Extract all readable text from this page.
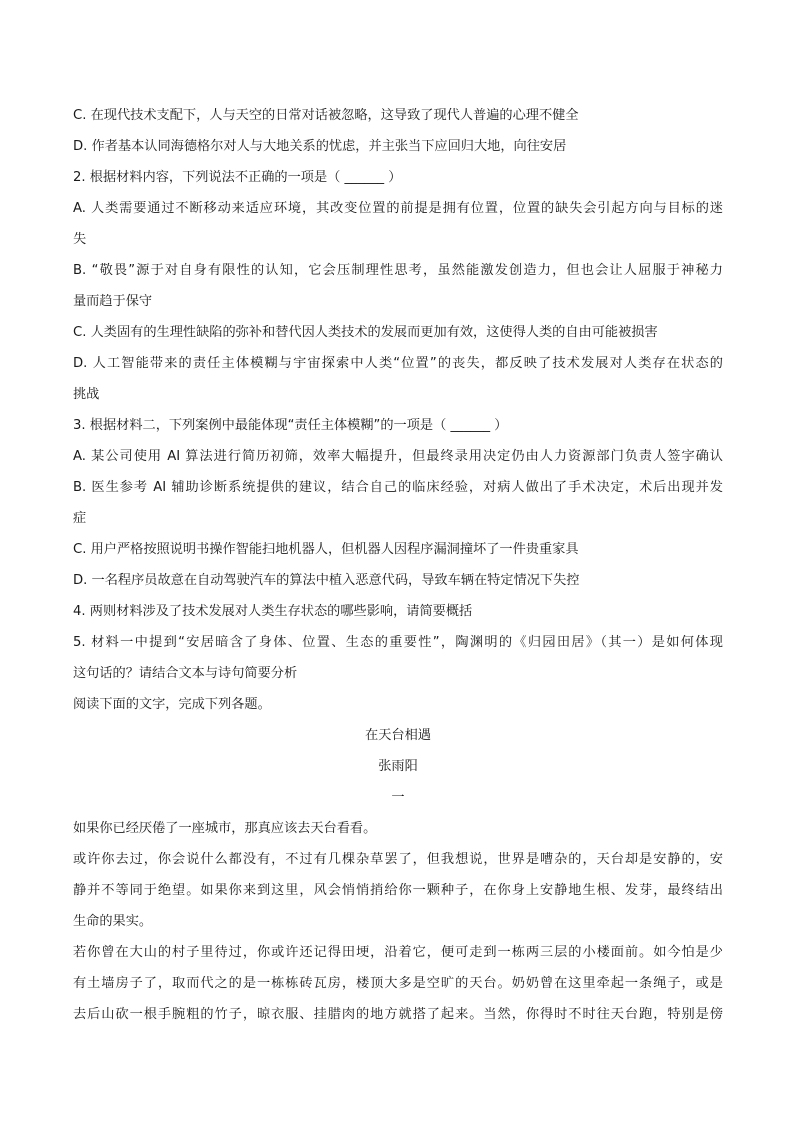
C. 在现代技术支配下，人与天空的日常对话被忽略，这导致了现代人普遍的心理不健全
D. 作者基本认同海德格尔对人与大地关系的忧虑，并主张当下应回归大地，向往安居
2. 根据材料内容，下列说法不正确的一项是（ ______ ）
A. 人类需要通过不断移动来适应环境，其改变位置的前提是拥有位置，位置的缺失会引起方向与目标的迷
失
B. “敬畏”源于对自身有限性的认知，它会压制理性思考，虽然能激发创造力，但也会让人屈服于神秘力
量而趋于保守
C. 人类固有的生理性缺陷的弥补和替代因人类技术的发展而更加有效，这使得人类的自由可能被损害
D. 人工智能带来的责任主体模糊与宇宙探索中人类“位置”的丧失，都反映了技术发展对人类存在状态的
挑战
3. 根据材料二，下列案例中最能体现“责任主体模糊”的一项是（ ______ ）
A. 某公司使用 AI 算法进行简历初筛，效率大幅提升，但最终录用决定仍由人力资源部门负责人签字确认
B. 医生参考 AI 辅助诊断系统提供的建议，结合自己的临床经验，对病人做出了手术决定，术后出现并发
症
C. 用户严格按照说明书操作智能扫地机器人，但机器人因程序漏洞撞坏了一件贵重家具
D. 一名程序员故意在自动驾驶汽车的算法中植入恶意代码，导致车辆在特定情况下失控
4. 两则材料涉及了技术发展对人类生存状态的哪些影响，请简要概括
5. 材料一中提到“安居暗含了身体、位置、生态的重要性”，陶渊明的《归园田居》（其一）是如何体现
这句话的？请结合文本与诗句简要分析
阅读下面的文字，完成下列各题。
在天台相遇
张雨阳
一
如果你已经厌倦了一座城市，那真应该去天台看看。
或许你去过，你会说什么都没有，不过有几棵杂草罢了，但我想说，世界是嘈杂的，天台却是安静的，安
静并不等同于绝望。如果你来到这里，风会悄悄捎给你一颗种子，在你身上安静地生根、发芽，最终结出
生命的果实。
若你曾在大山的村子里待过，你或许还记得田埂，沿着它，便可走到一栋两三层的小楼面前。如今怕是少
有土墙房子了，取而代之的是一栋栋砖瓦房，楼顶大多是空旷的天台。奶奶曾在这里牵起一条绳子，或是
去后山砍一根手腕粗的竹子，晾衣服、挂腊肉的地方就搭了起来。当然，你得时不时往天台跑，特别是傍
